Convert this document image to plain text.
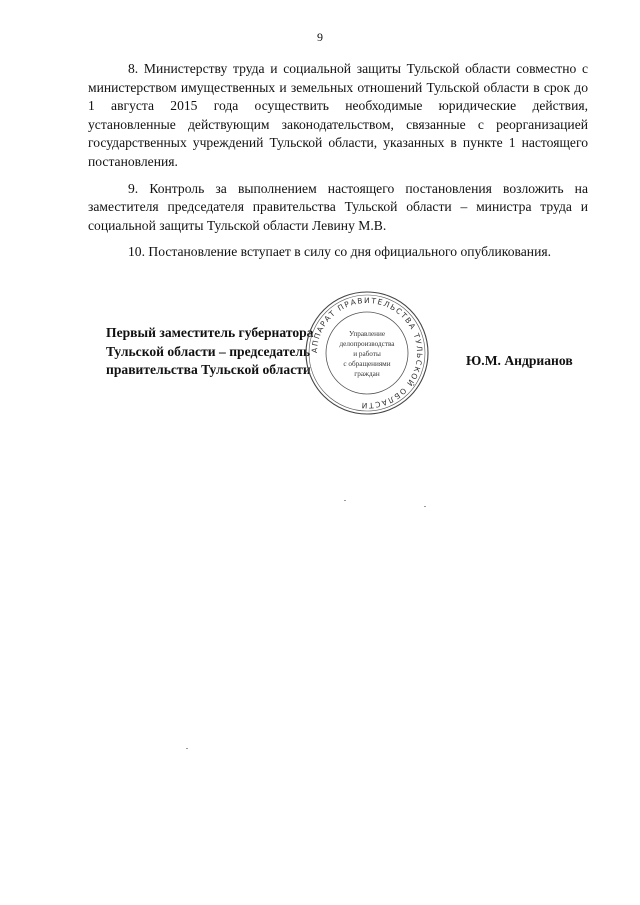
9

8. Министерству труда и социальной защиты Тульской области совместно с министерством имущественных и земельных отношений Тульской области в срок до 1 августа 2015 года осуществить необходимые юридические действия, установленные действующим законодательством, связанные с реорганизацией государственных учреждений Тульской области, указанных в пункте 1 настоящего постановления.

9. Контроль за выполнением настоящего постановления возложить на заместителя председателя правительства Тульской области – министра труда и социальной защиты Тульской области Левину М.В.

10. Постановление вступает в силу со дня официального опубликования.

Первый заместитель губернатора
Тульской области – председатель
правительства Тульской области
Ю.М. Андрианов
АППАРАТ ПРАВИТЕЛЬСТВА ТУЛЬСКОЙ ОБЛАСТИ
Управление
делопроизводства
и работы
с обращениями
граждан
